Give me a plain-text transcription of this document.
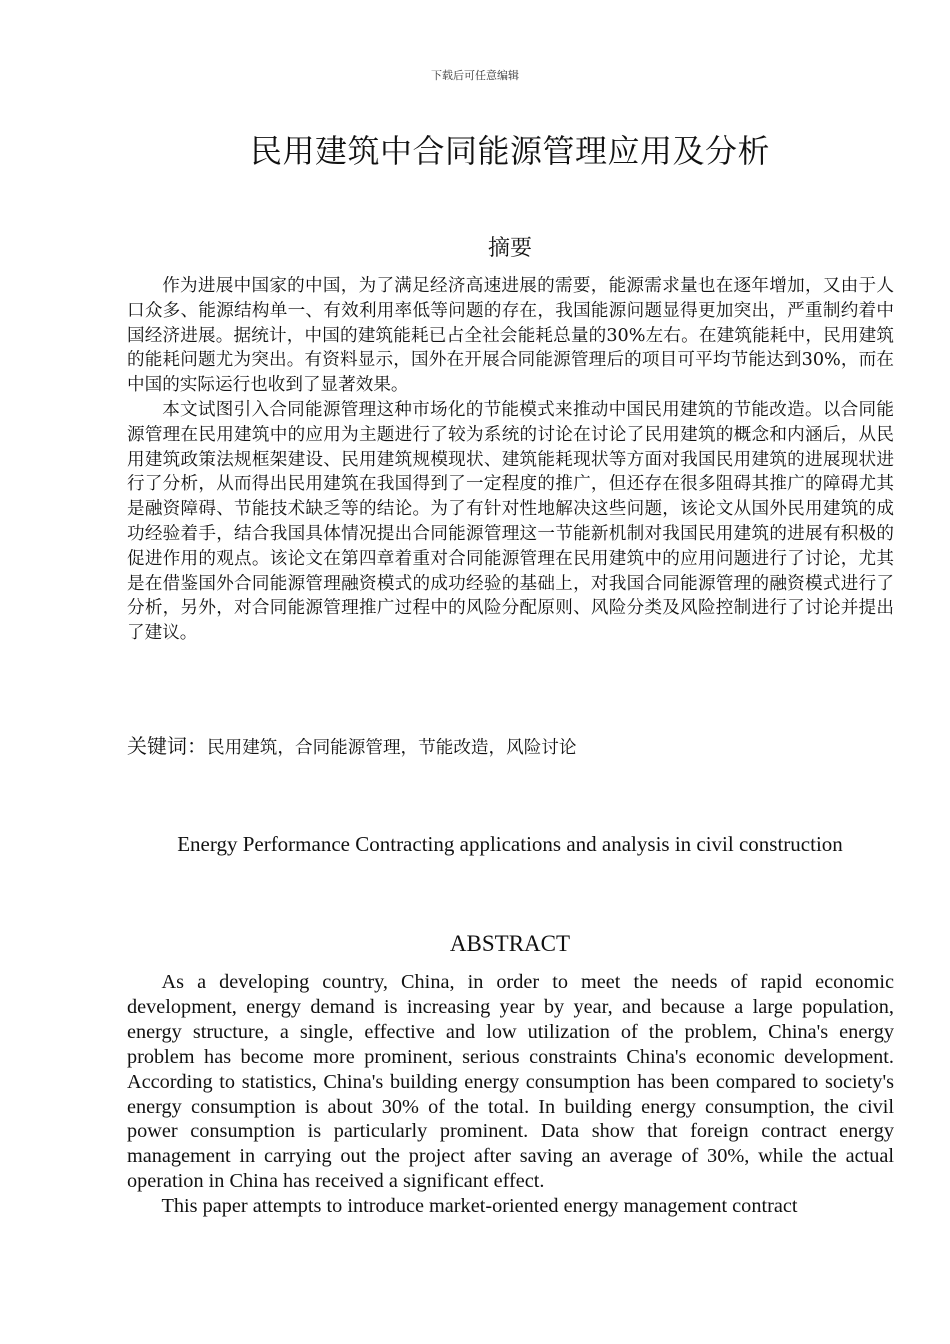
下载后可任意编辑
民用建筑中合同能源管理应用及分析
摘要

作为进展中国家的中国，为了满足经济高速进展的需要，能源需求量也在逐年增加，又由于人口众多、能源结构单一、有效利用率低等问题的存在，我国能源问题显得更加突出，严重制约着中国经济进展。据统计，中国的建筑能耗已占全社会能耗总量的30%左右。在建筑能耗中，民用建筑的能耗问题尤为突出。有资料显示，国外在开展合同能源管理后的项目可平均节能达到30%，而在中国的实际运行也收到了显著效果。

本文试图引入合同能源管理这种市场化的节能模式来推动中国民用建筑的节能改造。以合同能源管理在民用建筑中的应用为主题进行了较为系统的讨论在讨论了民用建筑的概念和内涵后，从民用建筑政策法规框架建设、民用建筑规模现状、建筑能耗现状等方面对我国民用建筑的进展现状进行了分析，从而得出民用建筑在我国得到了一定程度的推广，但还存在很多阻碍其推广的障碍尤其是融资障碍、节能技术缺乏等的结论。为了有针对性地解决这些问题，该论文从国外民用建筑的成功经验着手，结合我国具体情况提出合同能源管理这一节能新机制对我国民用建筑的进展有积极的促进作用的观点。该论文在第四章着重对合同能源管理在民用建筑中的应用问题进行了讨论，尤其是在借鉴国外合同能源管理融资模式的成功经验的基础上，对我国合同能源管理的融资模式进行了分析，另外，对合同能源管理推广过程中的风险分配原则、风险分类及风险控制进行了讨论并提出了建议。

关键词：民用建筑，合同能源管理，节能改造，风险讨论
Energy Performance Contracting applications and analysis in civil construction
ABSTRACT

As a developing country, China, in order to meet the needs of rapid economic development, energy demand is increasing year by year, and because a large population, energy structure, a single, effective and low utilization of the problem, China's energy problem has become more prominent, serious constraints China's economic development. According to statistics, China's building energy consumption has been compared to society's energy consumption is about 30% of the total. In building energy consumption, the civil power consumption is particularly prominent. Data show that foreign contract energy management in carrying out the project after saving an average of 30%, while the actual operation in China has received a significant effect.

This paper attempts to introduce market-oriented energy management contract
